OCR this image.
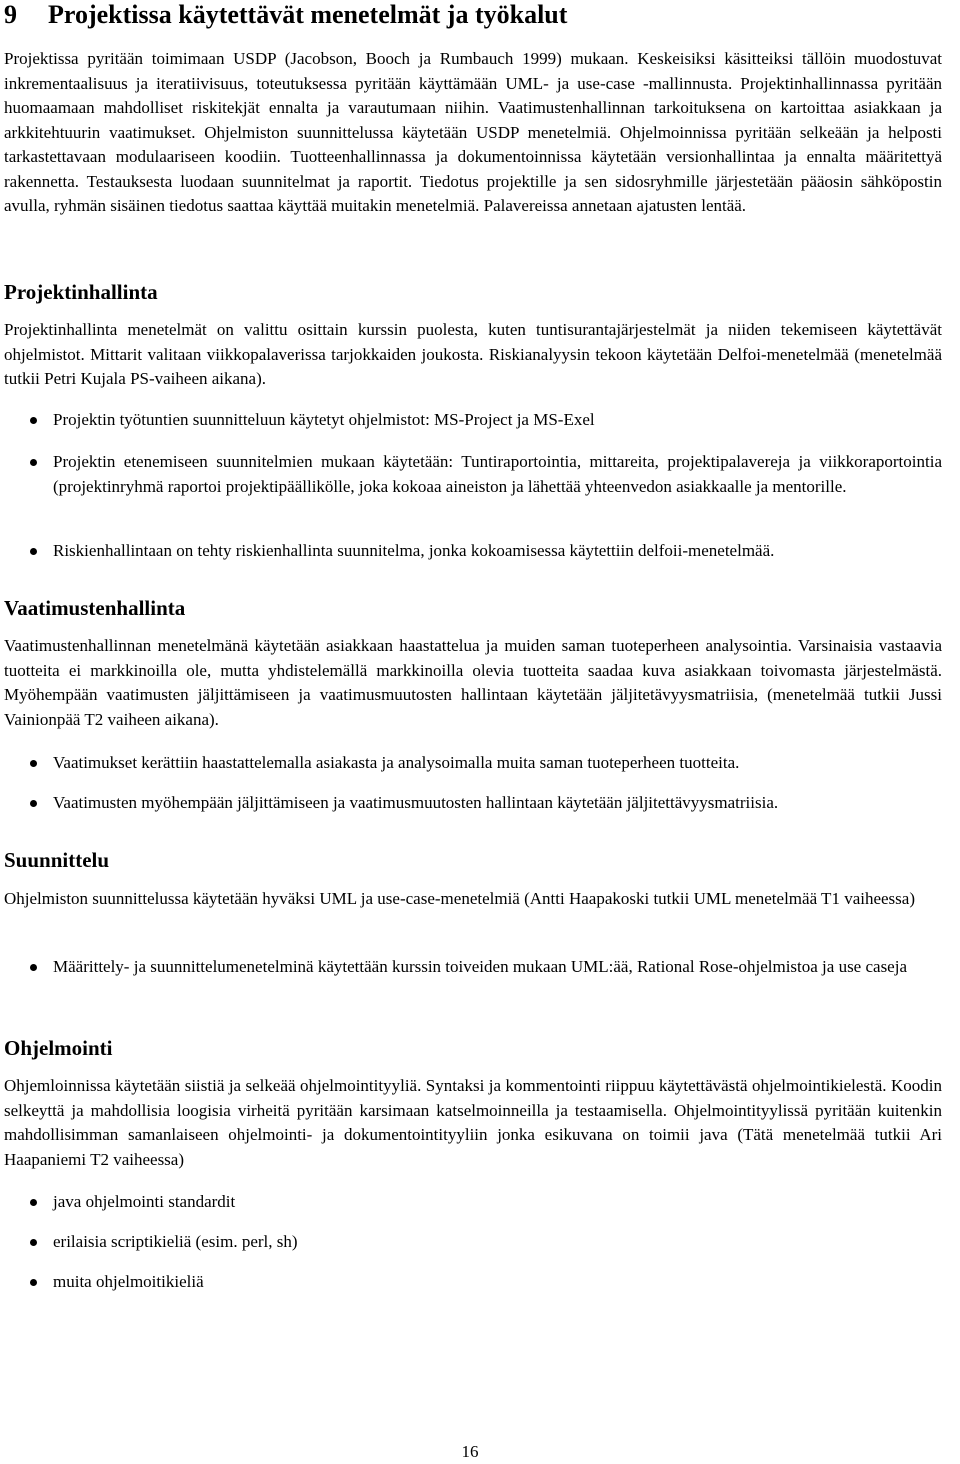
9 Projektissa käytettävät menetelmät ja työkalut

Projektissa pyritään toimimaan USDP (Jacobson, Booch ja Rumbauch 1999) mukaan. Keskeisiksi käsitteiksi tällöin muodostuvat inkrementaalisuus ja iteratiivisuus, toteutuksessa pyritään käyttämään UML- ja use-case -mallinnusta. Projektinhallinnassa pyritään huomaamaan mahdolliset riskitekjät ennalta ja varautumaan niihin. Vaatimustenhallinnan tarkoituksena on kartoittaa asiakkaan ja arkkitehtuurin vaatimukset. Ohjelmiston suunnittelussa käytetään USDP menetelmiä. Ohjelmoinnissa pyritään selkeään ja helposti tarkastettavaan modulaariseen koodiin. Tuotteenhallinnassa ja dokumentoinnissa käytetään versionhallintaa ja ennalta määritettyä rakennetta. Testauksesta luodaan suunnitelmat ja raportit. Tiedotus projektille ja sen sidosryhmille järjestetään pääosin sähköpostin avulla, ryhmän sisäinen tiedotus saattaa käyttää muitakin menetelmiä. Palavereissa annetaan ajatusten lentää.

Projektinhallinta

Projektinhallinta menetelmät on valittu osittain kurssin puolesta, kuten tuntisurantajärjestelmät ja niiden tekemiseen käytettävät ohjelmistot. Mittarit valitaan viikkopalaverissa tarjokkaiden joukosta. Riskianalyysin tekoon käytetään Delfoi-menetelmää (menetelmää tutkii Petri Kujala PS-vaiheen aikana).

Projektin työtuntien suunnitteluun käytetyt ohjelmistot: MS-Project ja MS-Exel
Projektin etenemiseen suunnitelmien mukaan käytetään: Tuntiraportointia, mittareita, projektipalavereja ja viikkoraportointia (projektinryhmä raportoi projektipäällikölle, joka kokoaa aineiston ja lähettää yhteenvedon asiakkaalle ja mentorille.
Riskienhallintaan on tehty riskienhallinta suunnitelma, jonka kokoamisessa käytettiin delfoii-menetelmää.
Vaatimustenhallinta

Vaatimustenhallinnan menetelmänä käytetään asiakkaan haastattelua ja muiden saman tuoteperheen analysointia. Varsinaisia vastaavia tuotteita ei markkinoilla ole, mutta yhdistelemällä markkinoilla olevia tuotteita saadaa kuva asiakkaan toivomasta järjestelmästä. Myöhempään vaatimusten jäljittämiseen ja vaatimusmuutosten hallintaan käytetään jäljitetävyysmatriisia, (menetelmää tutkii Jussi Vainionpää T2 vaiheen aikana).

Vaatimukset kerättiin haastattelemalla asiakasta ja analysoimalla muita saman tuoteperheen tuotteita.
Vaatimusten myöhempään jäljittämiseen ja vaatimusmuutosten hallintaan käytetään jäljitettävyysmatriisia.
Suunnittelu

Ohjelmiston suunnittelussa käytetään hyväksi UML ja use-case-menetelmiä (Antti Haapakoski tutkii UML menetelmää T1 vaiheessa)

Määrittely- ja suunnittelumenetelminä käytettään kurssin toiveiden mukaan UML:ää, Rational Rose-ohjelmistoa ja use caseja
Ohjelmointi

Ohjemloinnissa käytetään siistiä ja selkeää ohjelmointityyliä. Syntaksi ja kommentointi riippuu käytettävästä ohjelmointikielestä. Koodin selkeyttä ja mahdollisia loogisia virheitä pyritään karsimaan katselmoinneilla ja testaamisella. Ohjelmointityylissä pyritään kuitenkin mahdollisimman samanlaiseen ohjelmointi- ja dokumentointityyliin jonka esikuvana on toimii java (Tätä menetelmää tutkii Ari Haapaniemi T2 vaiheessa)

java ohjelmointi standardit
erilaisia scriptikieliä (esim. perl, sh)
muita ohjelmoitikieliä
16
